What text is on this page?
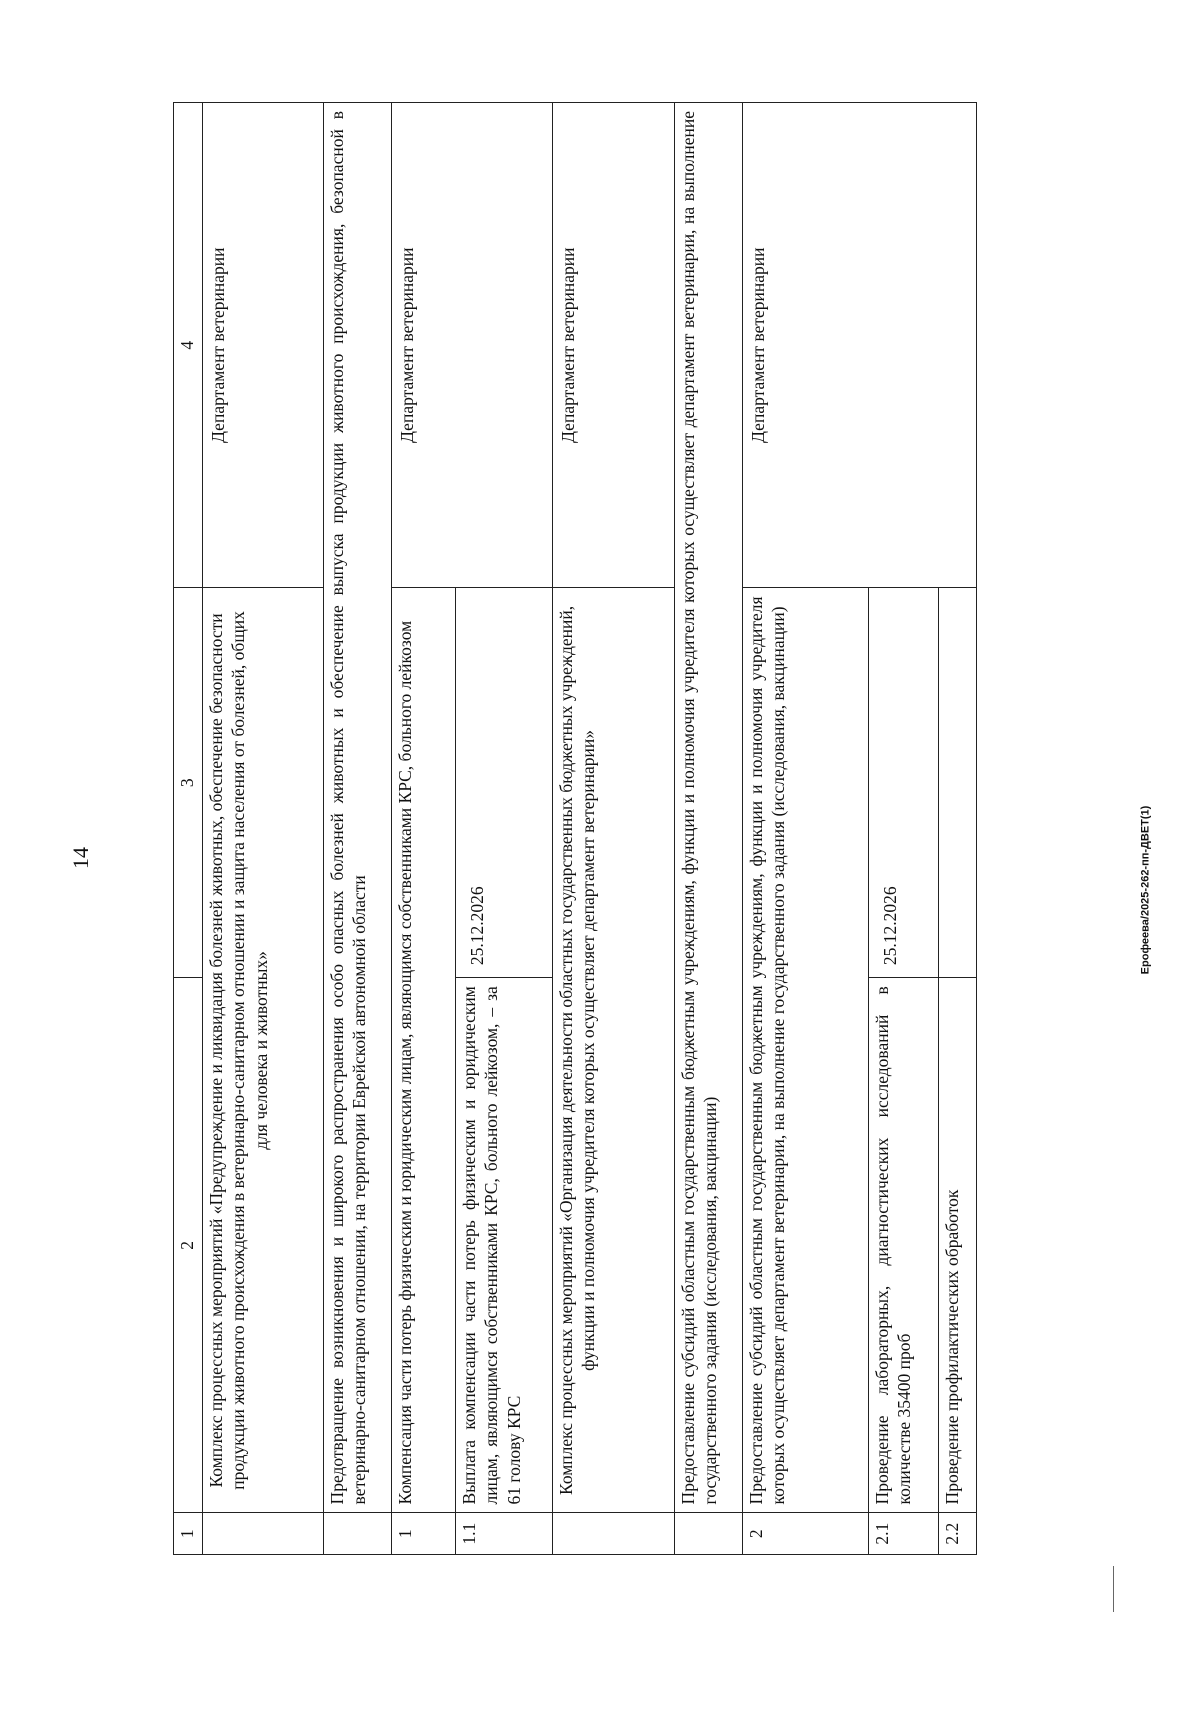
14	Ерофеева/2025-262-пп-ДВЕТ(1)
1	2	3	4
	Комплекс процессных мероприятий «Предупреждение и ликвидация болезней животных, обеспечение безопасности продукции животного происхождения в ветеринарно-санитарном отношении и защита населения от болезней, общих для человека и животных»		Департамент ветеринарии
	Предотвращение возникновения и широкого распространения особо опасных болезней животных и обеспечение выпуска продукции животного происхождения, безопасной в ветеринарно-санитарном отношении, на территории Еврейской автономной области		
1	Компенсация части потерь физическим и юридическим лицам, являющимся собственниками КРС, больного лейкозом		Департамент ветеринарии
1.1	Выплата компенсации части потерь физическим и юридическим лицам, являющимся собственниками КРС, больного лейкозом, – за 61 голову КРС	25.12.2026	
	Комплекс процессных мероприятий «Организация деятельности областных государственных бюджетных учреждений, функции и полномочия учредителя которых осуществляет департамент ветеринарии»		Департамент ветеринарии
	Предоставление субсидий областным государственным бюджетным учреждениям, функции и полномочия учредителя которых осуществляет департамент ветеринарии, на выполнение государственного задания (исследования, вакцинации)		
2	Предоставление субсидий областным государственным бюджетным учреждениям, функции и полномочия учредителя которых осуществляет департамент ветеринарии, на выполнение государственного задания (исследования, вакцинации)		Департамент ветеринарии
2.1	Проведение лабораторных, диагностических исследований в количестве 35400 проб	25.12.2026	
2.2	Проведение профилактических обработок		
